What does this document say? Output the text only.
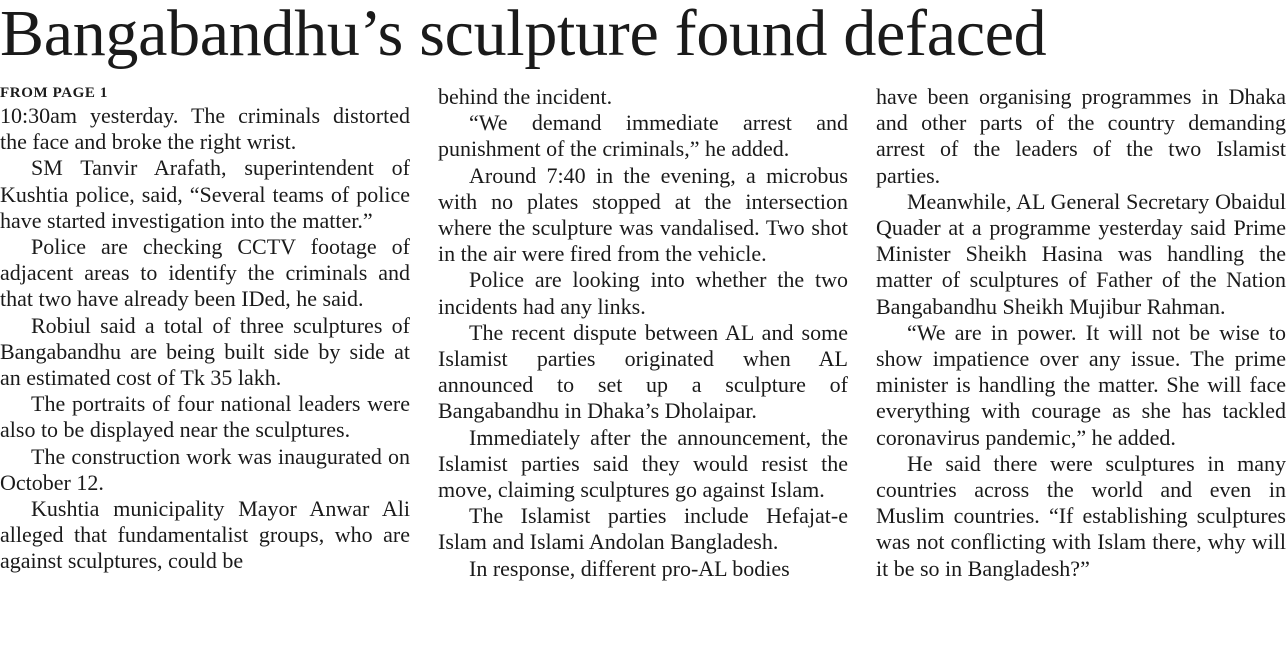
Bangabandhu’s sculpture found defaced
FROM PAGE 1

10:30am yesterday. The criminals distorted the face and broke the right wrist.

SM Tanvir Arafath, superintendent of Kushtia police, said, “Several teams of police have started investigation into the matter.”

Police are checking CCTV footage of adjacent areas to identify the criminals and that two have already been IDed, he said.

Robiul said a total of three sculptures of Bangabandhu are being built side by side at an estimated cost of Tk 35 lakh.

The portraits of four national leaders were also to be displayed near the sculptures.

The construction work was inaugurated on October 12.

Kushtia municipality Mayor Anwar Ali alleged that fundamentalist groups, who are against sculptures, could be

behind the incident.

“We demand immediate arrest and punishment of the criminals,” he added.

Around 7:40 in the evening, a microbus with no plates stopped at the intersection where the sculpture was vandalised. Two shot in the air were fired from the vehicle.

Police are looking into whether the two incidents had any links.

The recent dispute between AL and some Islamist parties originated when AL announced to set up a sculpture of Bangabandhu in Dhaka’s Dholaipar.

Immediately after the announcement, the Islamist parties said they would resist the move, claiming sculptures go against Islam.

The Islamist parties include Hefajat-e Islam and Islami Andolan Bangladesh.

In response, different pro-AL bodies

have been organising programmes in Dhaka and other parts of the country demanding arrest of the leaders of the two Islamist parties.

Meanwhile, AL General Secretary Obaidul Quader at a programme yesterday said Prime Minister Sheikh Hasina was handling the matter of sculptures of Father of the Nation Bangabandhu Sheikh Mujibur Rahman.

“We are in power. It will not be wise to show impatience over any issue. The prime minister is handling the matter. She will face everything with courage as she has tackled coronavirus pandemic,” he added.

He said there were sculptures in many countries across the world and even in Muslim countries. “If establishing sculptures was not conflicting with Islam there, why will it be so in Bangladesh?”
